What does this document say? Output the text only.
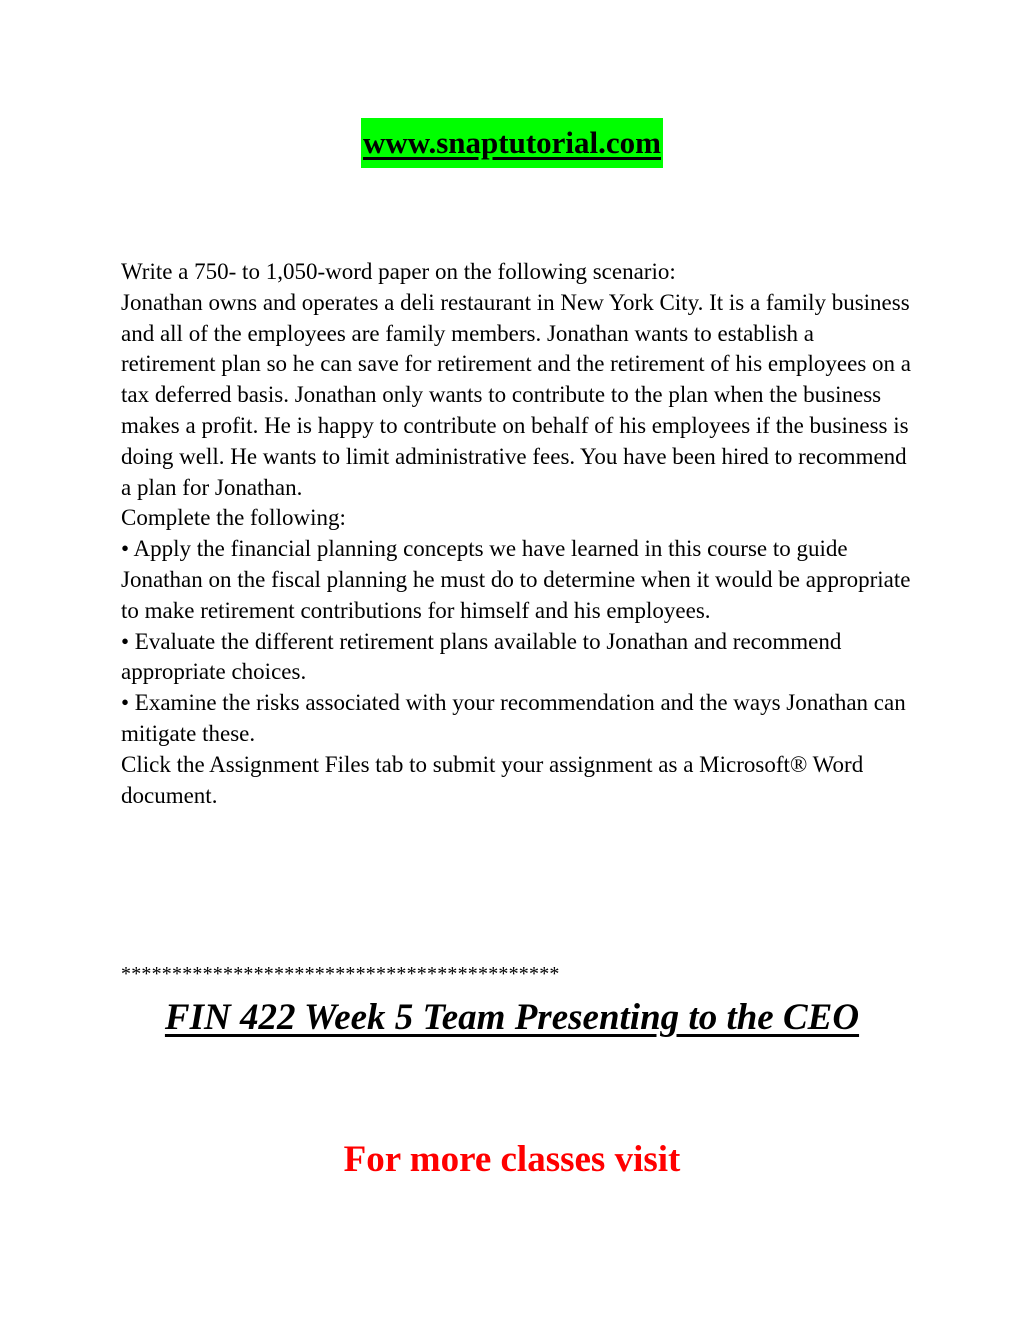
www.snaptutorial.com

Write a 750- to 1,050-word paper on the following scenario:

Jonathan owns and operates a deli restaurant in New York City. It is a family business and all of the employees are family members. Jonathan wants to establish a retirement plan so he can save for retirement and the retirement of his employees on a tax deferred basis. Jonathan only wants to contribute to the plan when the business makes a profit. He is happy to contribute on behalf of his employees if the business is doing well. He wants to limit administrative fees. You have been hired to recommend a plan for Jonathan.

Complete the following:

• Apply the financial planning concepts we have learned in this course to guide Jonathan on the fiscal planning he must do to determine when it would be appropriate to make retirement contributions for himself and his employees.

• Evaluate the different retirement plans available to Jonathan and recommend appropriate choices.

• Examine the risks associated with your recommendation and the ways Jonathan can mitigate these.

Click the Assignment Files tab to submit your assignment as a Microsoft® Word document.

*******************************************
FIN 422 Week 5 Team Presenting to the CEO
For more classes visit
